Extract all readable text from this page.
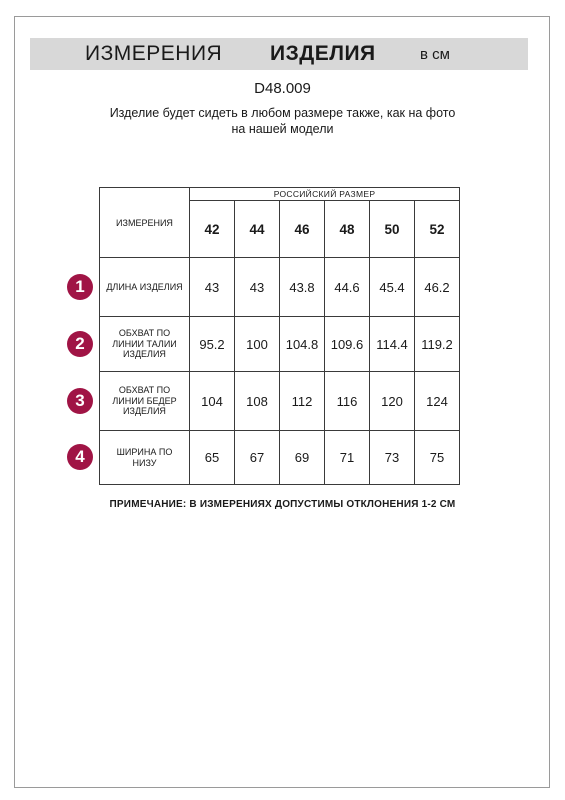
ИЗМЕРЕНИЯ ИЗДЕЛИЯ	в см
D48.009
Изделие будет сидеть в любом размере также, как на фото
на нашей модели
ИЗМЕРЕНИЯ	РОССИЙСКИЙ РАЗМЕР					
	42	44	46	48	50	52

ДЛИНА ИЗДЕЛИЯ	43	43	43.8	44.6	45.4	46.2

ОБХВАТ ПО
ЛИНИИ ТАЛИИ
ИЗДЕЛИЯ	95.2	100	104.8	109.6	114.4	119.2

ОБХВАТ ПО
ЛИНИИ БЕДЕР
ИЗДЕЛИЯ	104	108	112	116	120	124

ШИРИНА ПО
НИЗУ	65	67	69	71	73	75
1
2
3
4
ПРИМЕЧАНИЕ: В ИЗМЕРЕНИЯХ ДОПУСТИМЫ ОТКЛОНЕНИЯ 1-2 СМ
